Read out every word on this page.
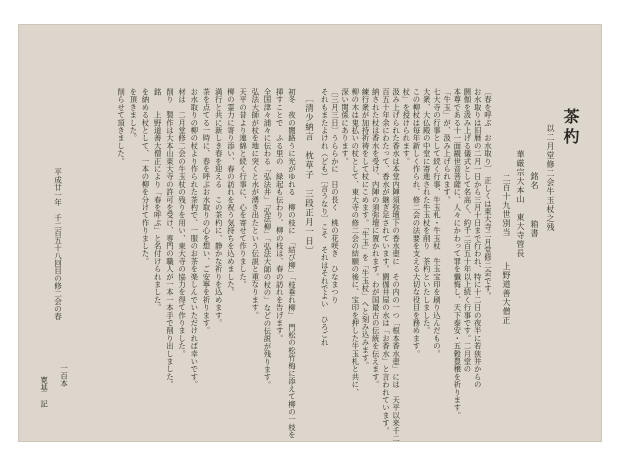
茶杓
以二月堂修二会牛玉杖之残
銘名
箱書
華厳宗大本山　東大寺管長
二百十九世別当
上野道善大僧正
〔春を呼ぶ　お水取り〕　正しくは東大寺二月堂修二会です。
お水取りは旧暦の二月一日から三月十日まで行われ、特に十二日の夜半に若狭井からの
閼伽を汲み上げる儀式として名高く、約千二百五十年以上続く行事です。二月堂の
本尊である十一面観世音菩薩に、人々にかわって罪を懺悔し、天下泰安・五穀豊穣を祈ります。
「牛玉」が、汲み上げられます。
七大寺の行事として続く行事、牛玉札・牛玉杖　牛玉宝印を刷り込んだもの。
大衆、大仏殿の中堂に寄進された牛玉杖を削り　茶杓といたしました。
この柳杖は毎年新しく作られ、修二会の法要を支える大切な役目を務めます。
杖」を授けられます。
汲み上げられた香水は本堂内陣須弥壇下の香水壺に　その内の一つ「根本香水壺」には　天平以来千二
百五十年余にわたって、香水が継ぎ足されています。閼伽井屋の水は「お香水」と言われています。
納された杖は香水を受け、内陣の須弥壇に置かれます。わが国最古の伝統を伝えます。
練行衆が加持祈祷をして杖にこめます。「牛玉」を「牛玉杖」へと刻み込みます。
柳の木は鬼払いの杖として、東大寺の修二会の結願の後に、宝印を押した牛玉札と共に、
深い関係にあります。
〔三月三日〕うららかに　日の長く　桃の花咲き　ひなまつり
それもまたよけれ（ども）〔言うなり〕こそ　それはそれでよい　ひろごれ
〔清少納言　枕草子　三段正月一日〕
初冬　夜の闇路うに光がゆれる　柳の枝に　「結び柳」「枝垂れ柳」　門松の松竹梅に添えて柳の一枝を
挿すことで　ふる里の　緑起も伝わり、柳の枝は、春の訪れを告げます。
全国津々浦々に伝わる「弘法井」「弘法柳」「弘法大師の杖の」などの伝説が残ります。
弘法大師が杖を地に突くと水が湧き出たという伝説と重なります。
天平の昔より連綿と続く行事に、心を寄せて作りました。
柳の霊力に寄り添い、春の訪れを祝う気持ちを込めました。
満行と共に新しき春を迎える　この茶杓に、静かな祈りを込めます。
茶を点てる一時に、春を呼ぶお水取りの心を想い、ご安寧を祈ります。
お水取りの柳の杖より作られた茶杓で、一服のお茶を楽しんでいただければ幸いです。
材は　二月堂修二会の牛玉杖の残りを用い、東大寺の協力を得て作りました。
削り　製作は大本山東大寺の許可を受け、専門の職人が一本一本手で削り出しました。
銘　　上野道善大僧正により「春を呼ぶ」と名付けられました。
を納める杖として、一本の柳を分けて作りました。
を頂きました。
削らせて頂きました。
寛基
記
平成廿一年　千二百五十八回目の修二会の春
一百本
